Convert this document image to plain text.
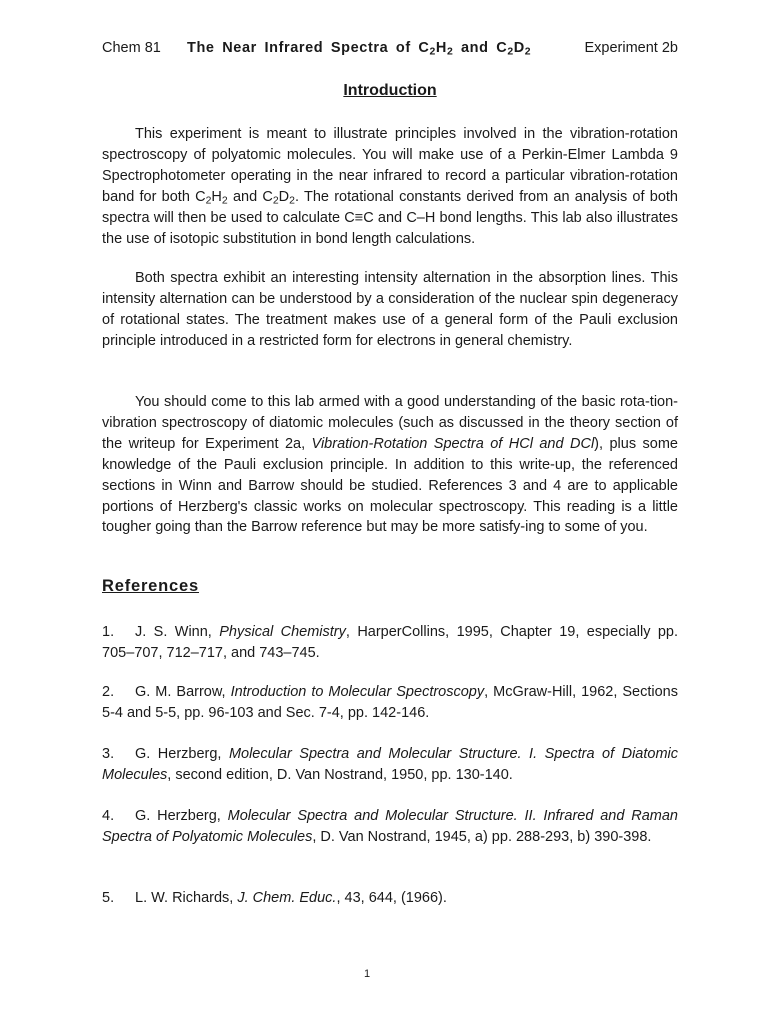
Chem 81 The Near Infrared Spectra of $C_2H_2$ and $C_2D_2$	Experiment 2b
Introduction

This experiment is meant to illustrate principles involved in the vibration-rotation spectroscopy of polyatomic molecules. You will make use of a Perkin-Elmer Lambda 9 Spectrophotometer operating in the near infrared to record a particular vibration-rotation band for both $C_2H_2$ and $C_2D_2$. The rotational constants derived from an analysis of both spectra will then be used to calculate C≡C and C–H bond lengths. This lab also illustrates the use of isotopic substitution in bond length calculations.

Both spectra exhibit an interesting intensity alternation in the absorption lines. This intensity alternation can be understood by a consideration of the nuclear spin degeneracy of rotational states. The treatment makes use of a general form of the Pauli exclusion principle introduced in a restricted form for electrons in general chemistry.

You should come to this lab armed with a good understanding of the basic rota-tion-vibration spectroscopy of diatomic molecules (such as discussed in the theory section of the writeup for Experiment 2a, Vibration-Rotation Spectra of HCl and DCl), plus some knowledge of the Pauli exclusion principle. In addition to this write-up, the referenced sections in Winn and Barrow should be studied. References 3 and 4 are to applicable portions of Herzberg's classic works on molecular spectroscopy. This reading is a little tougher going than the Barrow reference but may be more satisfy-ing to some of you.

References
1. J. S. Winn, Physical Chemistry, HarperCollins, 1995, Chapter 19, especially pp. 705–707, 712–717, and 743–745.
2. G. M. Barrow, Introduction to Molecular Spectroscopy, McGraw-Hill, 1962, Sections 5-4 and 5-5, pp. 96-103 and Sec. 7-4, pp. 142-146.
3. G. Herzberg, Molecular Spectra and Molecular Structure. I. Spectra of Diatomic Molecules, second edition, D. Van Nostrand, 1950, pp. 130-140.
4. G. Herzberg, Molecular Spectra and Molecular Structure. II. Infrared and Raman Spectra of Polyatomic Molecules, D. Van Nostrand, 1945, a) pp. 288-293, b) 390-398.
5. L. W. Richards, J. Chem. Educ., 43, 644, (1966).
1
